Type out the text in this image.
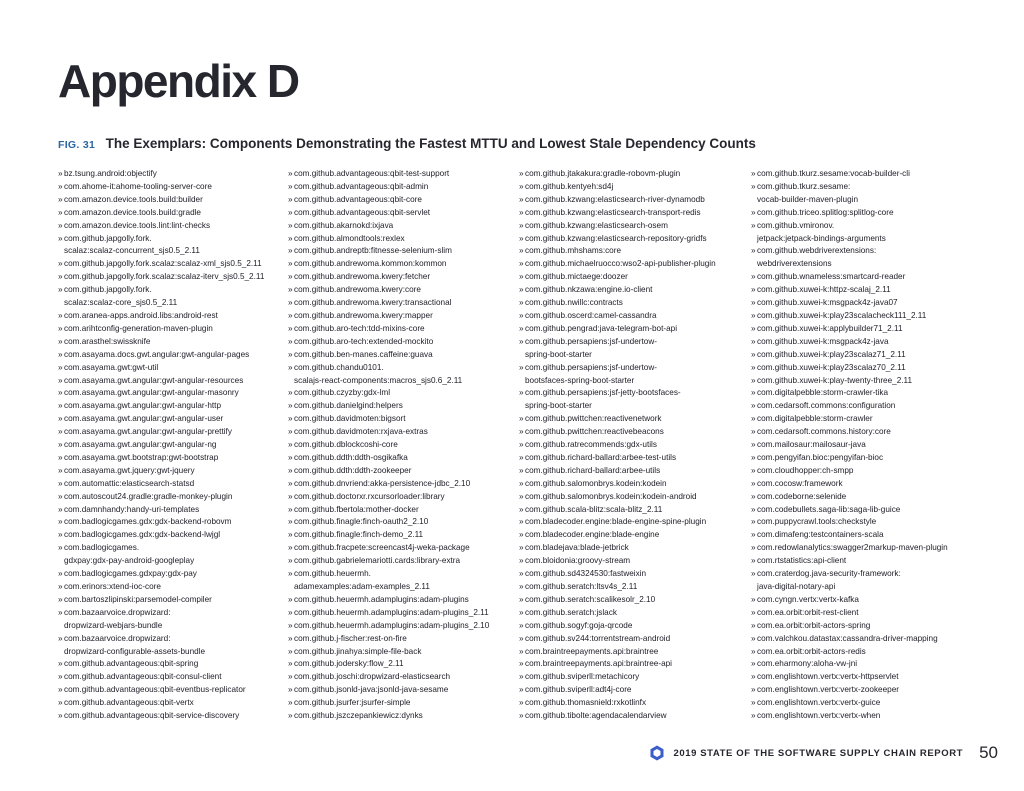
Appendix D
FIG. 31 The Exemplars: Components Demonstrating the Fastest MTTU and Lowest Stale Dependency Counts
» bz.tsung.android:objectify
» com.ahome-it:ahome-tooling-server-core
» com.amazon.device.tools.build:builder
» com.amazon.device.tools.build:gradle
» com.amazon.device.tools.lint:lint-checks
» com.github.japgolly.fork.
scalaz:scalaz-concurrent_sjs0.5_2.11
» com.github.japgolly.fork.scalaz:scalaz-xml_sjs0.5_2.11
» com.github.japgolly.fork.scalaz:scalaz-iterv_sjs0.5_2.11
» com.github.japgolly.fork.
scalaz:scalaz-core_sjs0.5_2.11
» com.aranea-apps.android.libs:android-rest
» com.arihtconfig-generation-maven-plugin
» com.arasthel:swissknife
» com.asayama.docs.gwt.angular:gwt-angular-pages
» com.asayama.gwt:gwt-util
» com.asayama.gwt.angular:gwt-angular-resources
» com.asayama.gwt.angular:gwt-angular-masonry
» com.asayama.gwt.angular:gwt-angular-http
» com.asayama.gwt.angular:gwt-angular-user
» com.asayama.gwt.angular:gwt-angular-prettify
» com.asayama.gwt.angular:gwt-angular-ng
» com.asayama.gwt.bootstrap:gwt-bootstrap
» com.asayama.gwt.jquery:gwt-jquery
» com.automattic:elasticsearch-statsd
» com.autoscout24.gradle:gradle-monkey-plugin
» com.damnhandy:handy-uri-templates
» com.badlogicgames.gdx:gdx-backend-robovm
» com.badlogicgames.gdx:gdx-backend-lwjgl
» com.badlogicgames.
gdxpay:gdx-pay-android-googleplay
» com.badlogicgames.gdxpay:gdx-pay
» com.erinors:xtend-ioc-core
» com.bartoszlipinski:parsemodel-compiler
» com.bazaarvoice.dropwizard:
dropwizard-webjars-bundle
» com.bazaarvoice.dropwizard:
dropwizard-configurable-assets-bundle
» com.github.advantageous:qbit-spring
» com.github.advantageous:qbit-consul-client
» com.github.advantageous:qbit-eventbus-replicator
» com.github.advantageous:qbit-vertx
» com.github.advantageous:qbit-service-discovery
» com.github.advantageous:qbit-test-support
» com.github.advantageous:qbit-admin
» com.github.advantageous:qbit-core
» com.github.advantageous:qbit-servlet
» com.github.akarnokd:ixjava
» com.github.almondtools:rexlex
» com.github.andreptb:fitnesse-selenium-slim
» com.github.andrewoma.kommon:kommon
» com.github.andrewoma.kwery:fetcher
» com.github.andrewoma.kwery:core
» com.github.andrewoma.kwery:transactional
» com.github.andrewoma.kwery:mapper
» com.github.aro-tech:tdd-mixins-core
» com.github.aro-tech:extended-mockito
» com.github.ben-manes.caffeine:guava
» com.github.chandu0101.
scalajs-react-components:macros_sjs0.6_2.11
» com.github.czyzby:gdx-lml
» com.github.danielgind:helpers
» com.github.davidmoten:bigsort
» com.github.davidmoten:rxjava-extras
» com.github.dblockcoshi-core
» com.github.ddth:ddth-osgikafka
» com.github.ddth:ddth-zookeeper
» com.github.dnvriend:akka-persistence-jdbc_2.10
» com.github.doctorxr.rxcursorloader:library
» com.github.fbertola:mother-docker
» com.github.finagle:finch-oauth2_2.10
» com.github.finagle:finch-demo_2.11
» com.github.fracpete:screencast4j-weka-package
» com.github.gabrielemariotti.cards:library-extra
» com.github.heuermh.
adamexamples:adam-examples_2.11
» com.github.heuermh.adamplugins:adam-plugins
» com.github.heuermh.adamplugins:adam-plugins_2.11
» com.github.heuermh.adamplugins:adam-plugins_2.10
» com.github.j-fischer:rest-on-fire
» com.github.jinahya:simple-file-back
» com.github.jodersky:flow_2.11
» com.github.joschi:dropwizard-elasticsearch
» com.github.jsonld-java:jsonld-java-sesame
» com.github.jsurfer:jsurfer-simple
» com.github.jszczepankiewicz:dynks
» com.github.jtakakura:gradle-robovm-plugin
» com.github.kentyeh:sd4j
» com.github.kzwang:elasticsearch-river-dynamodb
» com.github.kzwang:elasticsearch-transport-redis
» com.github.kzwang:elasticsearch-osem
» com.github.kzwang:elasticsearch-repository-gridfs
» com.github.mhshams:core
» com.github.michaelruocco:wso2-api-publisher-plugin
» com.github.mictaege:doozer
» com.github.nkzawa:engine.io-client
» com.github.nwillc:contracts
» com.github.oscerd:camel-cassandra
» com.github.pengrad:java-telegram-bot-api
» com.github.persapiens:jsf-undertow-
spring-boot-starter
» com.github.persapiens:jsf-undertow-
bootsfaces-spring-boot-starter
» com.github.persapiens:jsf-jetty-bootsfaces-
spring-boot-starter
» com.github.pwittchen:reactivenetwork
» com.github.pwittchen:reactivebeacons
» com.github.ratrecommends:gdx-utils
» com.github.richard-ballard:arbee-test-utils
» com.github.richard-ballard:arbee-utils
» com.github.salomonbrys.kodein:kodein
» com.github.salomonbrys.kodein:kodein-android
» com.github.scala-blitz:scala-blitz_2.11
» com.bladecoder.engine:blade-engine-spine-plugin
» com.bladecoder.engine:blade-engine
» com.bladejava:blade-jetbrick
» com.bloidonia:groovy-stream
» com.github.sd4324530:fastweixin
» com.github.seratch:ltsv4s_2.11
» com.github.seratch:scalikesolr_2.10
» com.github.seratch:jslack
» com.github.sogyf:goja-qrcode
» com.github.sv244:torrentstream-android
» com.braintreepayments.api:braintree
» com.braintreepayments.api:braintree-api
» com.github.sviperll:metachicory
» com.github.sviperll:adt4j-core
» com.github.thomasnield:rxkotlinfx
» com.github.tibolte:agendacalendarview
» com.github.tkurz.sesame:vocab-builder-cli
» com.github.tkurz.sesame:
vocab-builder-maven-plugin
» com.github.triceo.splitlog:splitlog-core
» com.github.vmironov.
jetpack:jetpack-bindings-arguments
» com.github.webdriverextensions:
webdriverextensions
» com.github.wnameless:smartcard-reader
» com.github.xuwei-k:httpz-scalaj_2.11
» com.github.xuwei-k:msgpack4z-java07
» com.github.xuwei-k:play23scalacheck111_2.11
» com.github.xuwei-k:applybuilder71_2.11
» com.github.xuwei-k:msgpack4z-java
» com.github.xuwei-k:play23scalaz71_2.11
» com.github.xuwei-k:play23scalaz70_2.11
» com.github.xuwei-k:play-twenty-three_2.11
» com.digitalpebble:storm-crawler-tika
» com.cedarsoft.commons:configuration
» com.digitalpebble:storm-crawler
» com.cedarsoft.commons.history:core
» com.mailosaur:mailosaur-java
» com.pengyifan.bioc:pengyifan-bioc
» com.cloudhopper:ch-smpp
» com.cocosw:framework
» com.codeborne:selenide
» com.codebullets.saga-lib:saga-lib-guice
» com.puppycrawl.tools:checkstyle
» com.dimafeng:testcontainers-scala
» com.redowlanalytics:swagger2markup-maven-plugin
» com.rtstatistics:api-client
» com.craterdog.java-security-framework:
java-digital-notary-api
» com.cyngn.vertx:vertx-kafka
» com.ea.orbit:orbit-rest-client
» com.ea.orbit:orbit-actors-spring
» com.valchkou.datastax:cassandra-driver-mapping
» com.ea.orbit:orbit-actors-redis
» com.eharmony:aloha-vw-jni
» com.englishtown.vertx:vertx-httpservlet
» com.englishtown.vertx:vertx-zookeeper
» com.englishtown.vertx:vertx-guice
» com.englishtown.vertx:vertx-when
2019 STATE OF THE SOFTWARE SUPPLY CHAIN REPORT 50
